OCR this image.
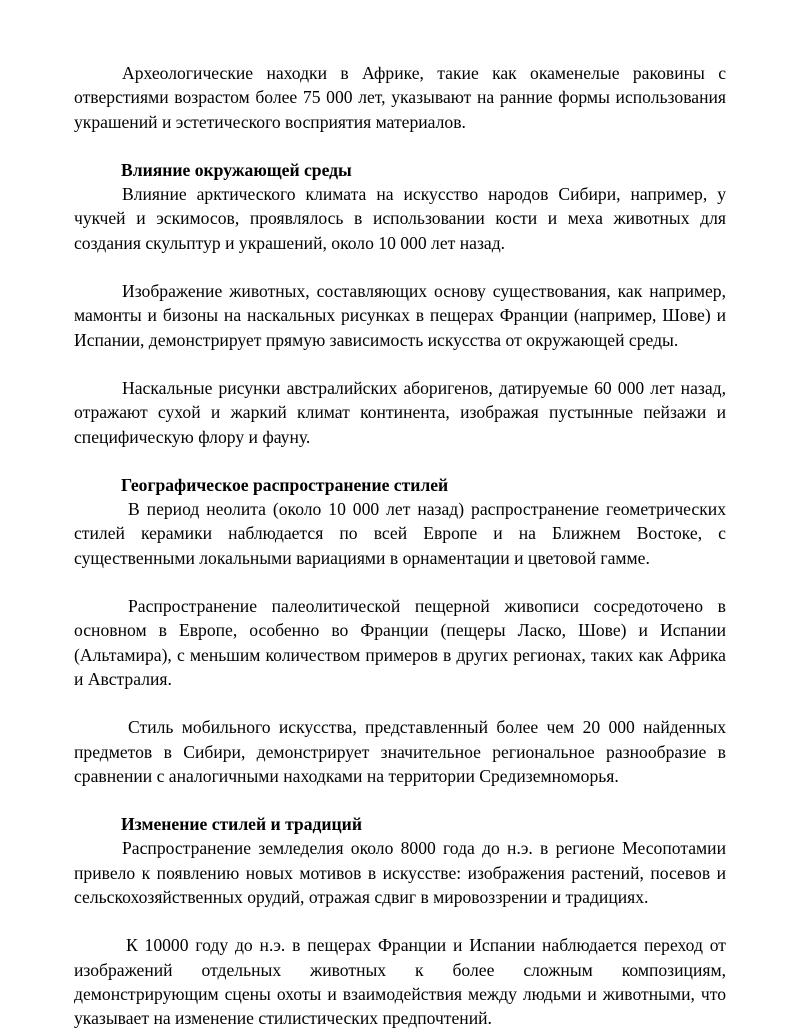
Археологические находки в Африке, такие как окаменелые раковины с отверстиями возрастом более 75 000 лет, указывают на ранние формы использования украшений и эстетического восприятия материалов.

Влияние окружающей среды

Влияние арктического климата на искусство народов Сибири, например, у чукчей и эскимосов, проявлялось в использовании кости и меха животных для создания скульптур и украшений, около 10 000 лет назад.

Изображение животных, составляющих основу существования, как например, мамонты и бизоны на наскальных рисунках в пещерах Франции (например, Шове) и Испании, демонстрирует прямую зависимость искусства от окружающей среды.

Наскальные рисунки австралийских аборигенов, датируемые 60 000 лет назад, отражают сухой и жаркий климат континента, изображая пустынные пейзажи и специфическую флору и фауну.

Географическое распространение стилей

В период неолита (около 10 000 лет назад) распространение геометрических стилей керамики наблюдается по всей Европе и на Ближнем Востоке, с существенными локальными вариациями в орнаментации и цветовой гамме.

Распространение палеолитической пещерной живописи сосредоточено в основном в Европе, особенно во Франции (пещеры Ласко, Шове) и Испании (Альтамира), с меньшим количеством примеров в других регионах, таких как Африка и Австралия.

Стиль мобильного искусства, представленный более чем 20 000 найденных предметов в Сибири, демонстрирует значительное региональное разнообразие в сравнении с аналогичными находками на территории Средиземноморья.

Изменение стилей и традиций

Распространение земледелия около 8000 года до н.э. в регионе Месопотамии привело к появлению новых мотивов в искусстве: изображения растений, посевов и сельскохозяйственных орудий, отражая сдвиг в мировоззрении и традициях.

К 10000 году до н.э. в пещерах Франции и Испании наблюдается переход от изображений отдельных животных к более сложным композициям, демонстрирующим сцены охоты и взаимодействия между людьми и животными, что указывает на изменение стилистических предпочтений.
